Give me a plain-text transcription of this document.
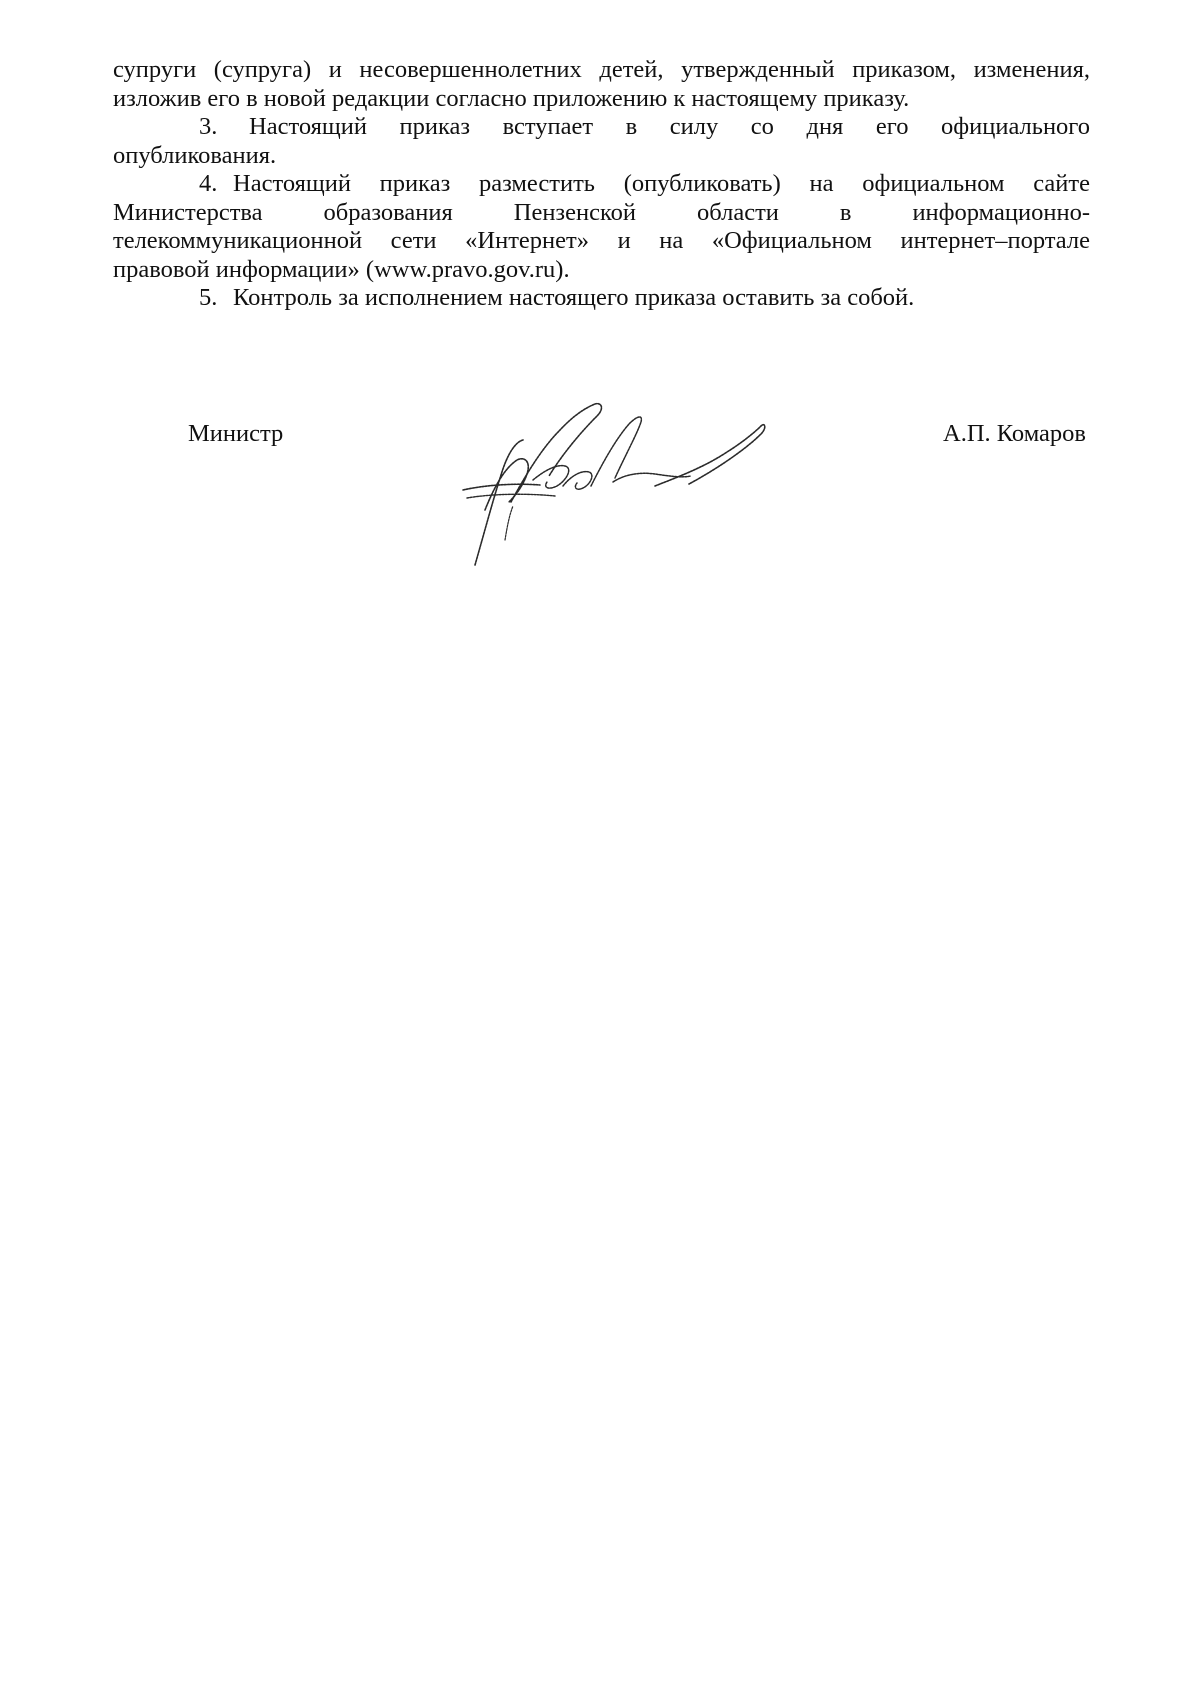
супруги (супруга) и несовершеннолетних детей, утвержденный приказом, изменения,
изложив его в новой редакции согласно приложению к настоящему приказу.

3. Настоящий приказ вступает в силу со дня его официального
опубликования.

4. Настоящий приказ разместить (опубликовать) на официальном сайте
Министерства образования Пензенской области в информационно-
телекоммуникационной сети «Интернет» и на «Официальном интернет–портале
правовой информации» (www.pravo.gov.ru).

5. Контроль за исполнением настоящего приказа оставить за собой.

Министр	А.П. Комаров
